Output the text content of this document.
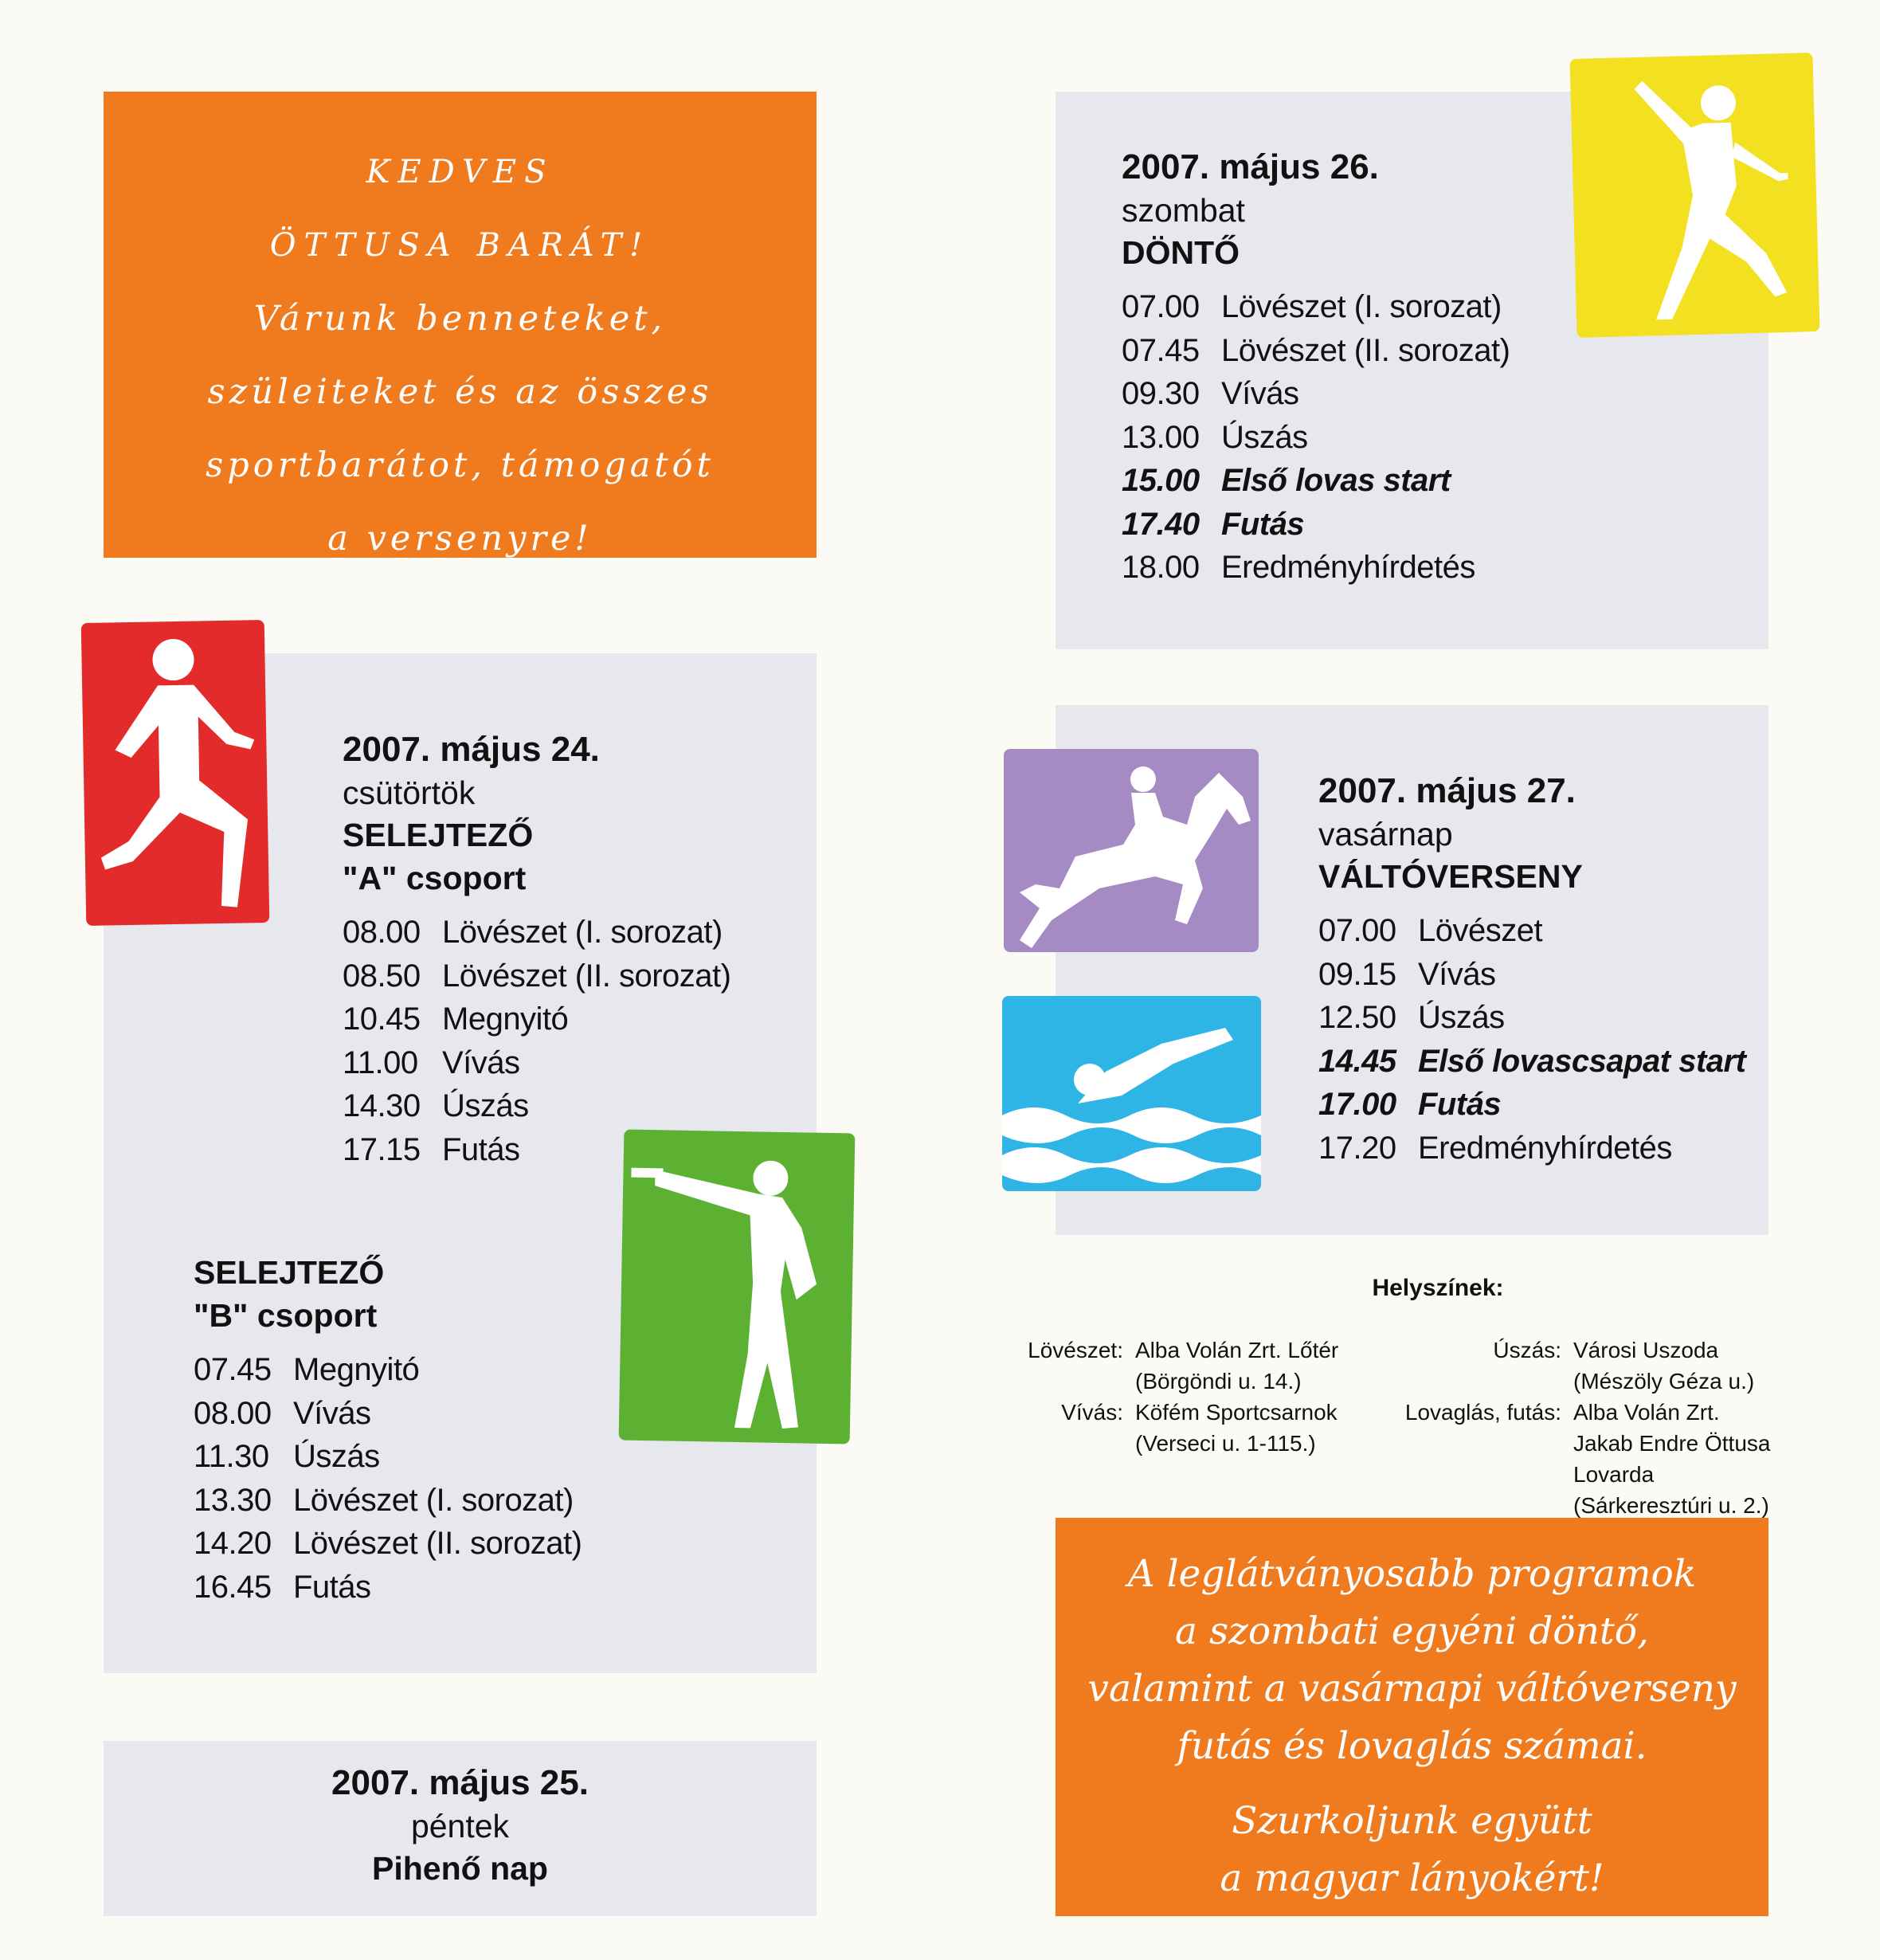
KEDVES
ÖTTUSA BARÁT!
Várunk benneteket,
szüleiteket és az összes
sportbarátot, támogatót
a versenyre!
2007. május 26.
szombat
DÖNTŐ
07.00 Lövészet (I. sorozat)
07.45 Lövészet (II. sorozat)
09.30 Vívás
13.00 Úszás
15.00 Első lovas start
17.40 Futás
18.00 Eredményhírdetés
2007. május 24.
csütörtök
SELEJTEZŐ
"A" csoport
08.00 Lövészet (I. sorozat)
08.50 Lövészet (II. sorozat)
10.45 Megnyitó
11.00 Vívás
14.30 Úszás
17.15 Futás
SELEJTEZŐ
"B" csoport
07.45 Megnyitó
08.00 Vívás
11.30 Úszás
13.30 Lövészet (I. sorozat)
14.20 Lövészet (II. sorozat)
16.45 Futás
2007. május 27.
vasárnap
VÁLTÓVERSENY
07.00 Lövészet
09.15 Vívás
12.50 Úszás
14.45 Első lovascsapat start
17.00 Futás
17.20 Eredményhírdetés
2007. május 25.
péntek
Pihenő nap
Helyszínek:
Lövészet: Alba Volán Zrt. Lőtér
(Börgöndi u. 14.)
Vívás: Köfém Sportcsarnok
(Verseci u. 1-115.)
Úszás: Városi Uszoda
(Mészöly Géza u.)
Lovaglás, futás: Alba Volán Zrt.
Jakab Endre Öttusa Lovarda
(Sárkeresztúri u. 2.)
A leglátványosabb programok
a szombati egyéni döntő,
valamint a vasárnapi váltóverseny
futás és lovaglás számai.
Szurkoljunk együtt
a magyar lányokért!
